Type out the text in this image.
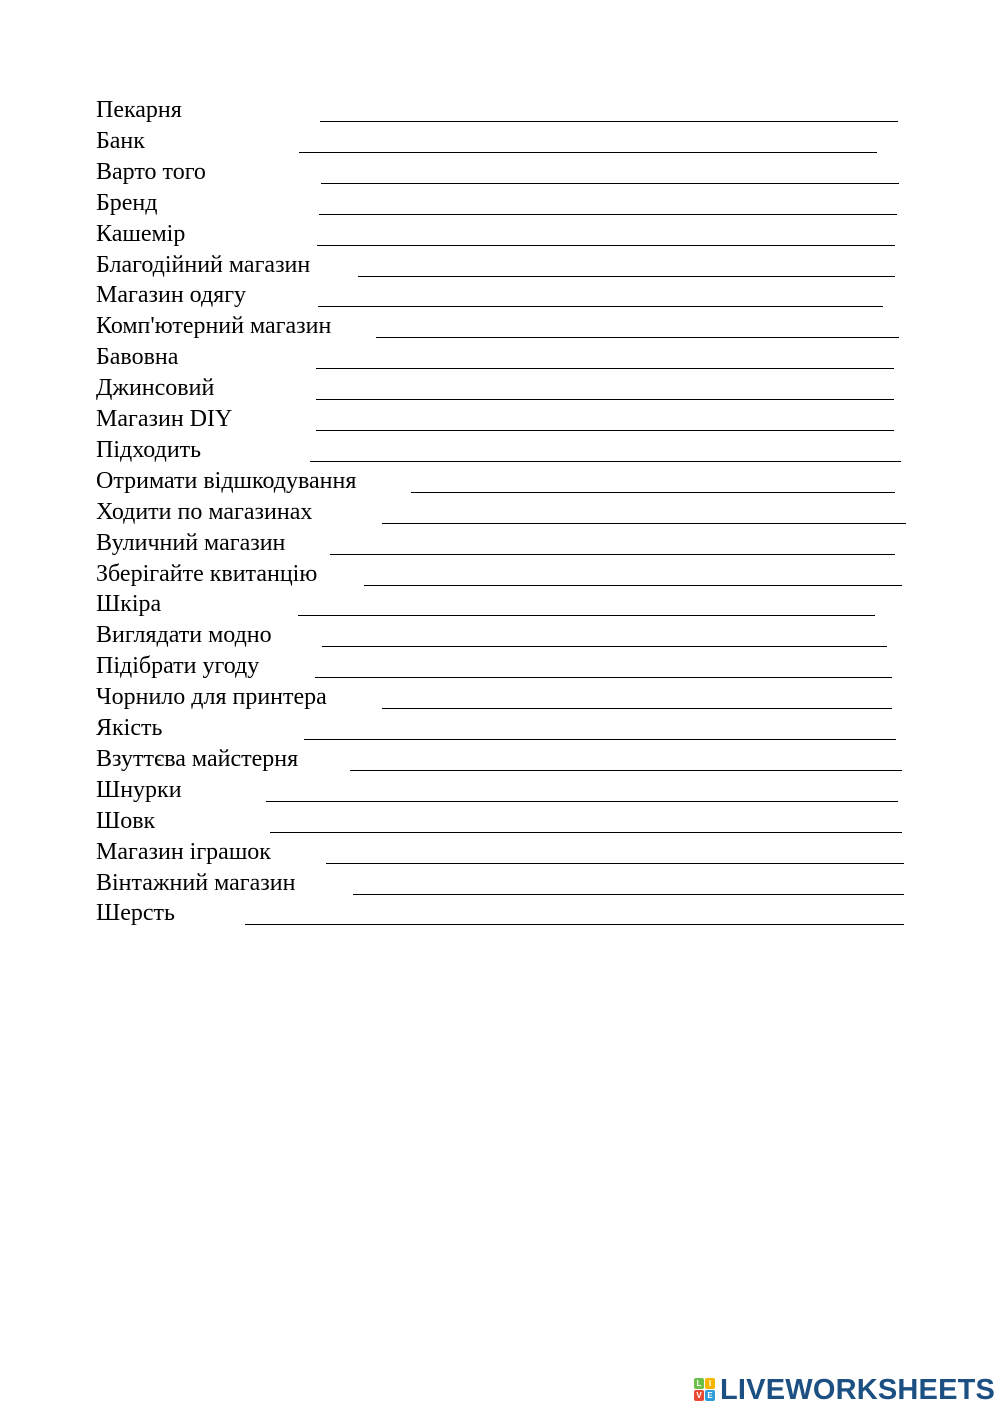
Пекарня
Банк
Варто того
Бренд
Кашемір
Благодійний магазин
Магазин одягу
Комп'ютерний магазин
Бавовна
Джинсовий
Магазин DIY
Підходить
Отримати відшкодування
Ходити по магазинах
Вуличний магазин
Зберігайте квитанцію
Шкіра
Виглядати модно
Підібрати угоду
Чорнило для принтера
Якість
Взуттєва майстерня
Шнурки
Шовк
Магазин іграшок
Вінтажний магазин
Шерсть
L I
V E LIVEWORKSHEETS
